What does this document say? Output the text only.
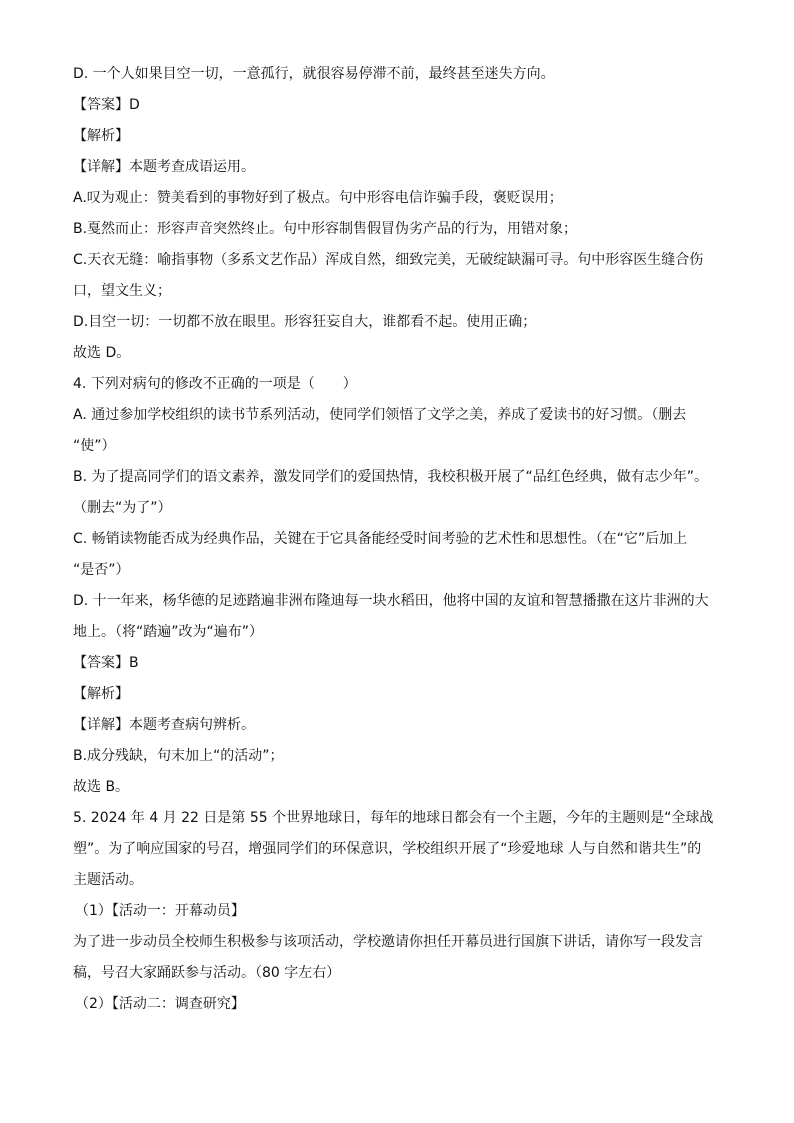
D. 一个人如果目空一切，一意孤行，就很容易停滞不前，最终甚至迷失方向。
【答案】D
【解析】
【详解】本题考查成语运用。
A.叹为观止：赞美看到的事物好到了极点。句中形容电信诈骗手段，褒贬误用；
B.戛然而止：形容声音突然终止。句中形容制售假冒伪劣产品的行为，用错对象；
C.天衣无缝：喻指事物（多系文艺作品）浑成自然，细致完美，无破绽缺漏可寻。句中形容医生缝合伤
口，望文生义；
D.目空一切：一切都不放在眼里。形容狂妄自大，谁都看不起。使用正确；
故选 D。
4. 下列对病句的修改不正确的一项是（　　）
A. 通过参加学校组织的读书节系列活动，使同学们领悟了文学之美，养成了爱读书的好习惯。（删去
“使”）
B. 为了提高同学们的语文素养，激发同学们的爱国热情，我校积极开展了“品红色经典，做有志少年”。
（删去“为了”）
C. 畅销读物能否成为经典作品，关键在于它具备能经受时间考验的艺术性和思想性。（在“它”后加上
“是否”）
D. 十一年来，杨华德的足迹踏遍非洲布隆迪每一块水稻田，他将中国的友谊和智慧播撒在这片非洲的大
地上。（将“踏遍”改为“遍布”）
【答案】B
【解析】
【详解】本题考查病句辨析。
B.成分残缺，句末加上“的活动”；
故选 B。
5. 2024 年 4 月 22 日是第 55 个世界地球日，每年的地球日都会有一个主题，今年的主题则是“全球战
塑”。为了响应国家的号召，增强同学们的环保意识，学校组织开展了“珍爱地球 人与自然和谐共生”的
主题活动。
（1）【活动一：开幕动员】
为了进一步动员全校师生积极参与该项活动，学校邀请你担任开幕员进行国旗下讲话，请你写一段发言
稿，号召大家踊跃参与活动。（80 字左右）
（2）【活动二：调查研究】
